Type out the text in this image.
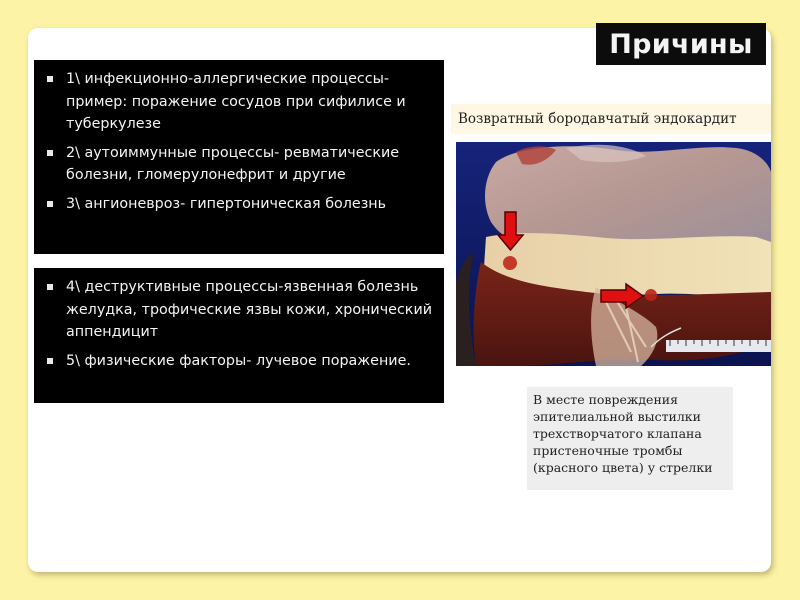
Причины
1\ инфекционно-аллергические процессы- пример: поражение сосудов при сифилисе и туберкулезе
2\ аутоиммунные процессы- ревматические болезни, гломерулонефрит и другие
3\ ангионевроз- гипертоническая болезнь
4\ деструктивные процессы-язвенная болезнь желудка, трофические язвы кожи, хронический аппендицит
5\ физические факторы- лучевое поражение.
Возвратный бородавчатый эндокардит
В месте повреждения эпителиальной выстилки трехстворчатого клапана пристеночные тромбы (красного цвета) у стрелки
